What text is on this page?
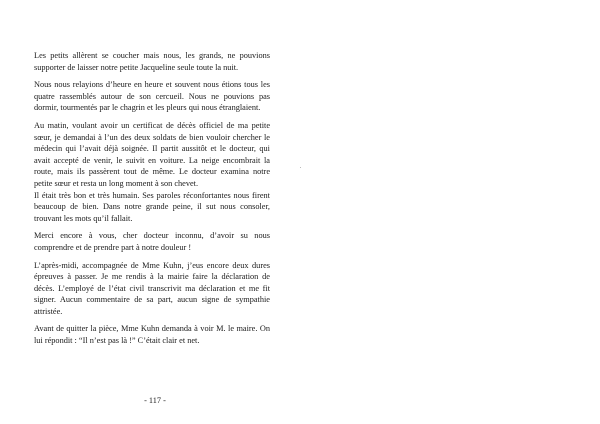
Les petits allèrent se coucher mais nous, les grands, ne pouvions supporter de laisser notre petite Jacqueline seule toute la nuit.

Nous nous relayions d’heure en heure et souvent nous étions tous les quatre rassemblés autour de son cercueil. Nous ne pouvions pas dormir, tourmentés par le chagrin et les pleurs qui nous étranglaient.

Au matin, voulant avoir un certificat de décès officiel de ma petite sœur, je demandai à l’un des deux soldats de bien vouloir chercher le médecin qui l’avait déjà soignée. Il partit aussitôt et le docteur, qui avait accepté de venir, le suivit en voiture. La neige encombrait la route, mais ils passèrent tout de même. Le docteur examina notre petite sœur et resta un long moment à son chevet.

Il était très bon et très humain. Ses paroles réconfortantes nous firent beaucoup de bien. Dans notre grande peine, il sut nous consoler, trouvant les mots qu’il fallait.

Merci encore à vous, cher docteur inconnu, d’avoir su nous comprendre et de prendre part à notre douleur !

L’après-midi, accompagnée de Mme Kuhn, j’eus encore deux dures épreuves à passer. Je me rendis à la mairie faire la déclaration de décès. L’employé de l’état civil transcrivit ma déclaration et me fit signer. Aucun commentaire de sa part, aucun signe de sympathie attristée.

Avant de quitter la pièce, Mme Kuhn demanda à voir M. le maire. On lui répondit : “Il n’est pas là !” C’était clair et net.

- 117 -
